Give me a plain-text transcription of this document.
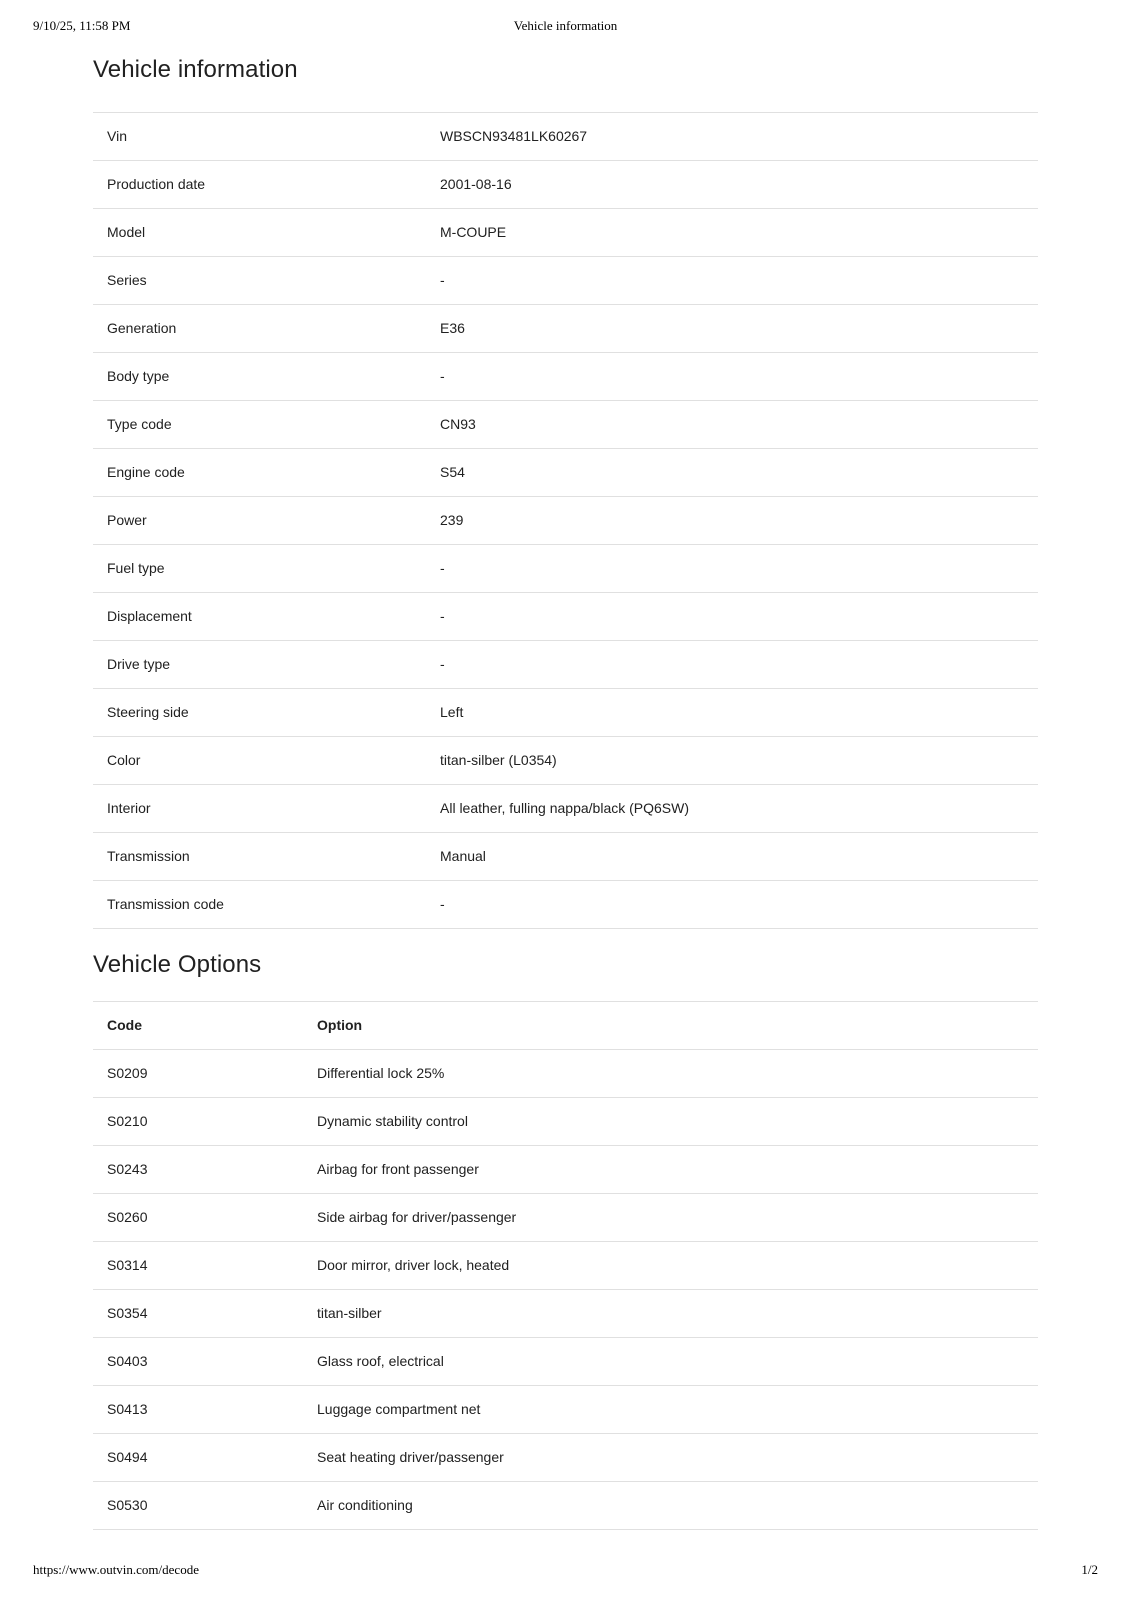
9/10/25, 11:58 PM	Vehicle information
Vehicle information
Vin	WBSCN93481LK60267
Production date	2001-08-16
Model	M-COUPE
Series	-
Generation	E36
Body type	-
Type code	CN93
Engine code	S54
Power	239
Fuel type	-
Displacement	-
Drive type	-
Steering side	Left
Color	titan-silber (L0354)
Interior	All leather, fulling nappa/black (PQ6SW)
Transmission	Manual
Transmission code	-
Vehicle Options
Code	Option
S0209	Differential lock 25%
S0210	Dynamic stability control
S0243	Airbag for front passenger
S0260	Side airbag for driver/passenger
S0314	Door mirror, driver lock, heated
S0354	titan-silber
S0403	Glass roof, electrical
S0413	Luggage compartment net
S0494	Seat heating driver/passenger
S0530	Air conditioning
https://www.outvin.com/decode	1/2
